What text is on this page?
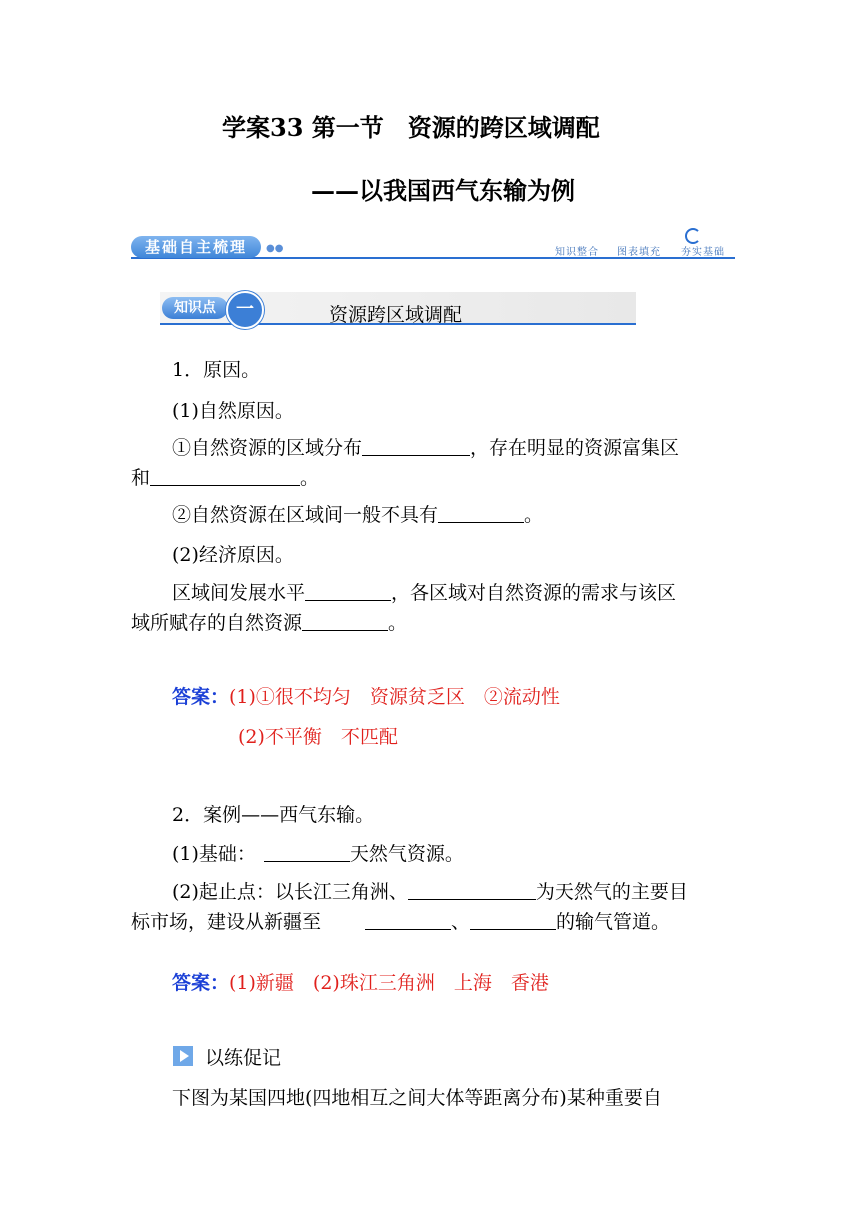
学案33 第一节　资源的跨区域调配
——以我国西气东输为例
基础自主梳理	●●	知识整合 图表填充 夯实基础
知识点	一	资源跨区域调配
1．原因。
(1)自然原因。
①自然资源的区域分布	，存在明显的资源富集区
和	。
②自然资源在区域间一般不具有	。
(2)经济原因。
区域间发展水平	，各区域对自然资源的需求与该区
域所赋存的自然资源	。
答案：(1)①很不均匀　资源贫乏区　②流动性
(2)不平衡　不匹配
2．案例——西气东输。
(1)基础：	天然气资源。
(2)起止点：以长江三角洲、	为天然气的主要目
标市场，建设从新疆至	、	的输气管道。
答案：(1)新疆　(2)珠江三角洲　上海　香港
以练促记
下图为某国四地(四地相互之间大体等距离分布)某种重要自
